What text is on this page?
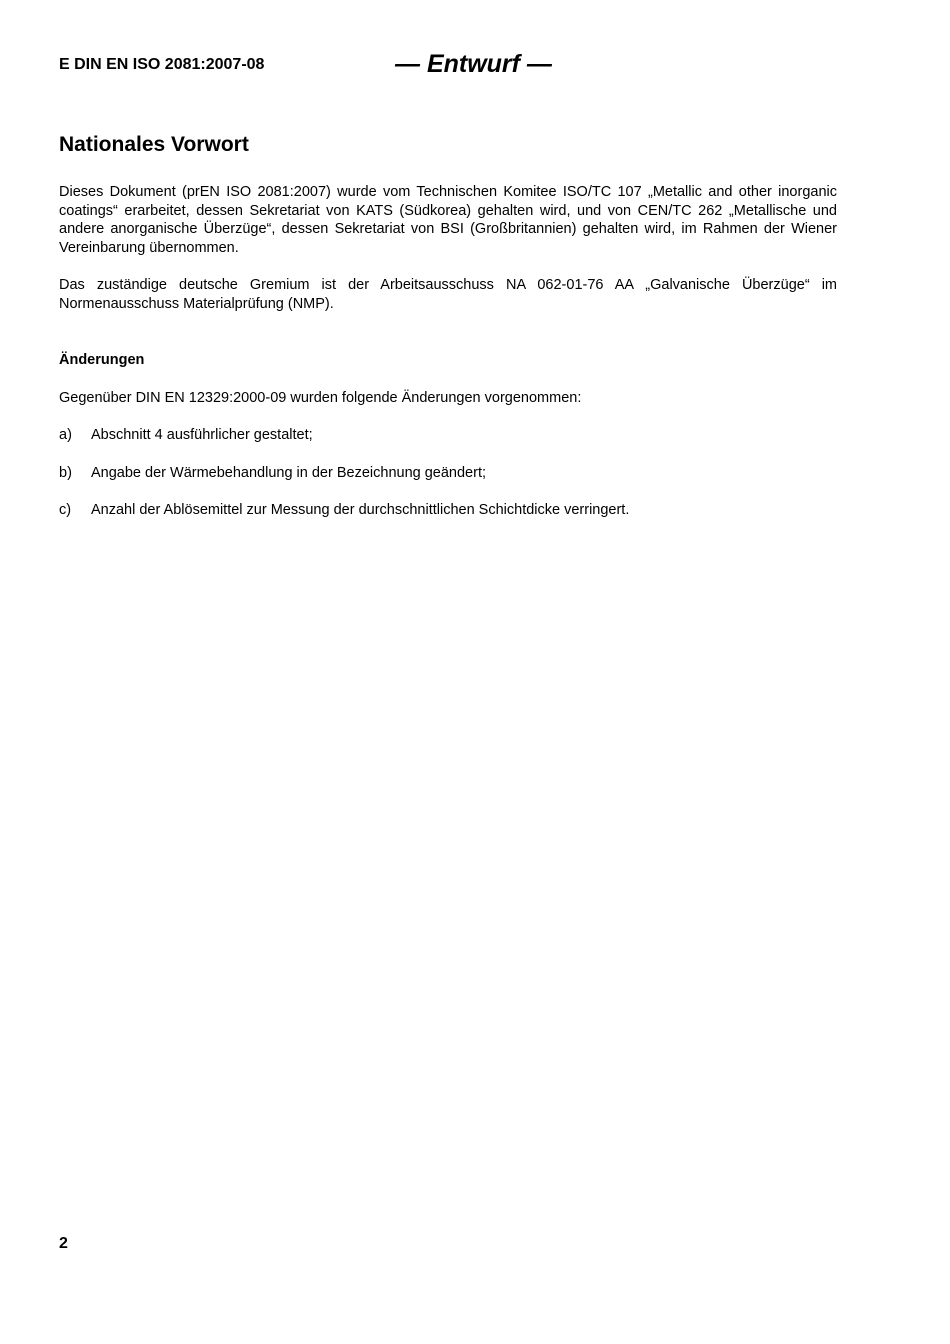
E DIN EN ISO 2081:2007-08	— Entwurf —
Nationales Vorwort

Dieses Dokument (prEN ISO 2081:2007) wurde vom Technischen Komitee ISO/TC 107 „Metallic and other inorganic coatings“ erarbeitet, dessen Sekretariat von KATS (Südkorea) gehalten wird, und von CEN/TC 262 „Metallische und andere anorganische Überzüge“, dessen Sekretariat von BSI (Großbritannien) gehalten wird, im Rahmen der Wiener Vereinbarung übernommen.

Das zuständige deutsche Gremium ist der Arbeitsausschuss NA 062-01-76 AA „Galvanische Überzüge“ im Normenausschuss Materialprüfung (NMP).

Änderungen

Gegenüber DIN EN 12329:2000-09 wurden folgende Änderungen vorgenommen:

a)	Abschnitt 4 ausführlicher gestaltet;
b)	Angabe der Wärmebehandlung in der Bezeichnung geändert;
c)	Anzahl der Ablösemittel zur Messung der durchschnittlichen Schichtdicke verringert.
2
